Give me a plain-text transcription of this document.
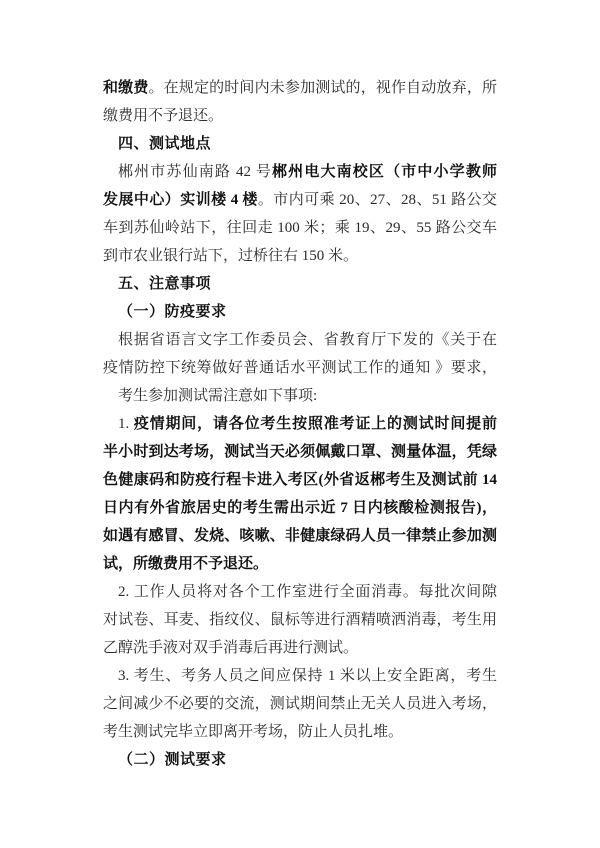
和缴费。在规定的时间内未参加测试的，视作自动放弃，所
缴费用不予退还。
四、测试地点
郴州市苏仙南路 42 号郴州电大南校区（市中小学教师
发展中心）实训楼 4 楼。市内可乘 20、27、28、51 路公交
车到苏仙岭站下，往回走 100 米；乘 19、29、55 路公交车
到市农业银行站下，过桥往右 150 米。
五、注意事项
（一）防疫要求
根据省语言文字工作委员会、省教育厅下发的《关于在
疫情防控下统筹做好普通话水平测试工作的通知 》要求，
考生参加测试需注意如下事项:
1. 疫情期间，请各位考生按照准考证上的测试时间提前
半小时到达考场，测试当天必须佩戴口罩、测量体温，凭绿
色健康码和防疫行程卡进入考区(外省返郴考生及测试前 14
日内有外省旅居史的考生需出示近 7 日内核酸检测报告)，
如遇有感冒、发烧、咳嗽、非健康绿码人员一律禁止参加测
试，所缴费用不予退还。
2. 工作人员将对各个工作室进行全面消毒。每批次间隙
对试卷、耳麦、指纹仪、鼠标等进行酒精喷洒消毒，考生用
乙醇洗手液对双手消毒后再进行测试。
3. 考生、考务人员之间应保持 1 米以上安全距离，考生
之间减少不必要的交流，测试期间禁止无关人员进入考场，
考生测试完毕立即离开考场，防止人员扎堆。
（二）测试要求
